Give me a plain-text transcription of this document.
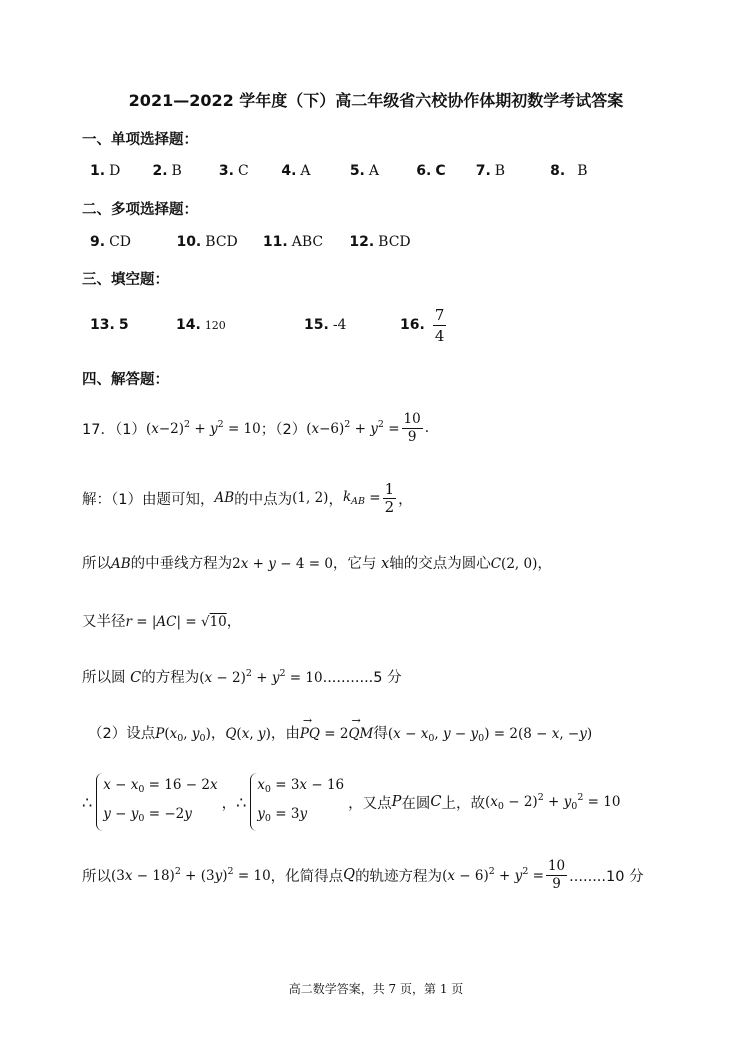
2021—2022 学年度（下）高二年级省六校协作体期初数学考试答案
一、单项选择题：
1. D 2. B	3. C 4. A	5. A	6. C 7. B	8. B
二、多项选择题：
9. CD	10. BCD 11. ABC 12. BCD
三、填空题：
13. 5	14. 120	15. -4	16. $\frac{7}{4}$
四、解答题：
17．（1） $(x-2)^2 + y^2 = 10$ ；（2） $(x-6)^2 + y^2 = \frac{10}{9}$ .
解：（1）由题可知， AB 的中点为 (1, 2) ， $k_{AB} = \frac{1}{2}$ ，
所以AB的中垂线方程为2x + y − 4 = 0，它与 x轴的交点为圆心C(2, 0)，
又半径r = |AC| = √10，
所以圆 C的方程为$(x - 2)^2 + y^2 = 10...........5$ 分
（2）设点$P(x_0$, $y_0$)，Q(x, y)，由→ PQ = 2→ QM得($x - x_0$, $y - y_0) = 2(8 - x$, −y)
∴
$x - x_0 = 16 - 2x$
$y - y_0 = -2y$
， ∴
$x_0 = 3x - 16$
$y_0 = 3y$
，又点 P 在圆 C 上，故 $(x_0 - 2)^2 + y_0^2 = 10$
所以 $(3x - 18)^2 + (3y)^2 = 10$ ，化简得点 Q 的轨迹方程为 $(x - 6)^2 + y^2 = \frac{10}{9} ........10$ 分
高二数学答案，共 7 页，第 1 页
